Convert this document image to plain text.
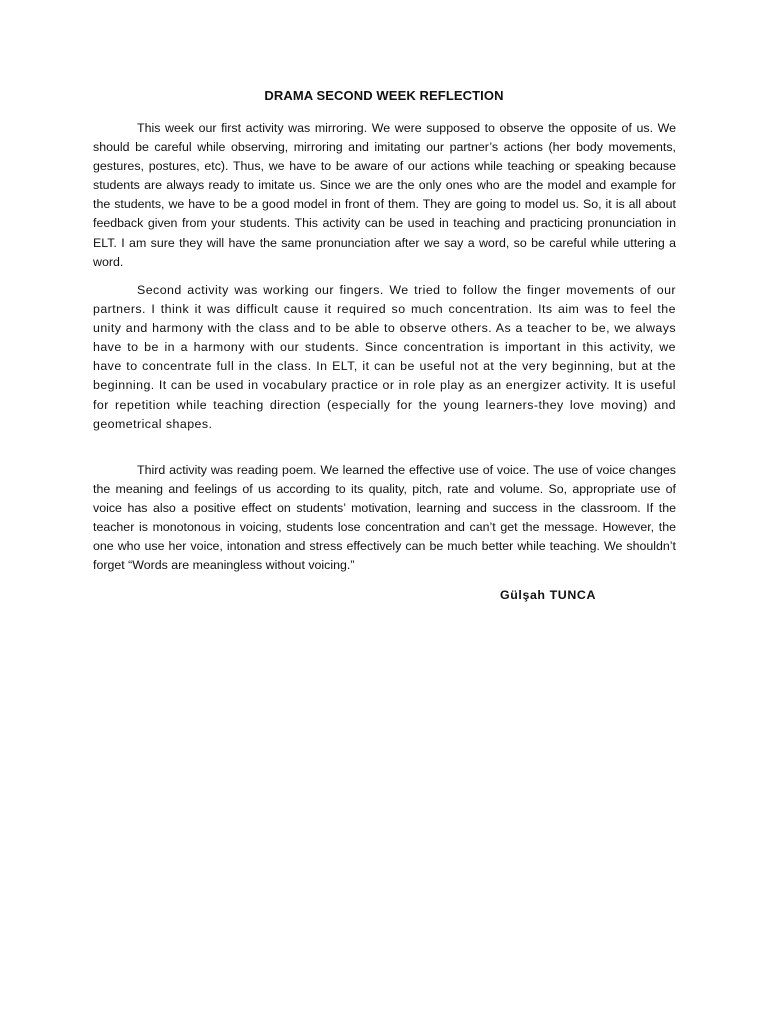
DRAMA SECOND WEEK REFLECTION

This week our first activity was mirroring. We were supposed to observe the opposite of us. We should be careful while observing, mirroring and imitating our partner’s actions (her body movements, gestures, postures, etc). Thus, we have to be aware of our actions while teaching or speaking because students are always ready to imitate us. Since we are the only ones who are the model and example for the students, we have to be a good model in front of them. They are going to model us. So, it is all about feedback given from your students. This activity can be used in teaching and practicing pronunciation in ELT. I am sure they will have the same pronunciation after we say a word, so be careful while uttering a word.

Second activity was working our fingers. We tried to follow the finger movements of our partners. I think it was difficult cause it required so much concentration. Its aim was to feel the unity and harmony with the class and to be able to observe others. As a teacher to be, we always have to be in a harmony with our students. Since concentration is important in this activity, we have to concentrate full in the class. In ELT, it can be useful not at the very beginning, but at the beginning. It can be used in vocabulary practice or in role play as an energizer activity. It is useful for repetition while teaching direction (especially for the young learners-they love moving) and geometrical shapes.

Third activity was reading poem. We learned the effective use of voice. The use of voice changes the meaning and feelings of us according to its quality, pitch, rate and volume. So, appropriate use of voice has also a positive effect on students’ motivation, learning and success in the classroom. If the teacher is monotonous in voicing, students lose concentration and can’t get the message. However, the one who use her voice, intonation and stress effectively can be much better while teaching. We shouldn’t forget “Words are meaningless without voicing.”

Gülşah TUNCA
